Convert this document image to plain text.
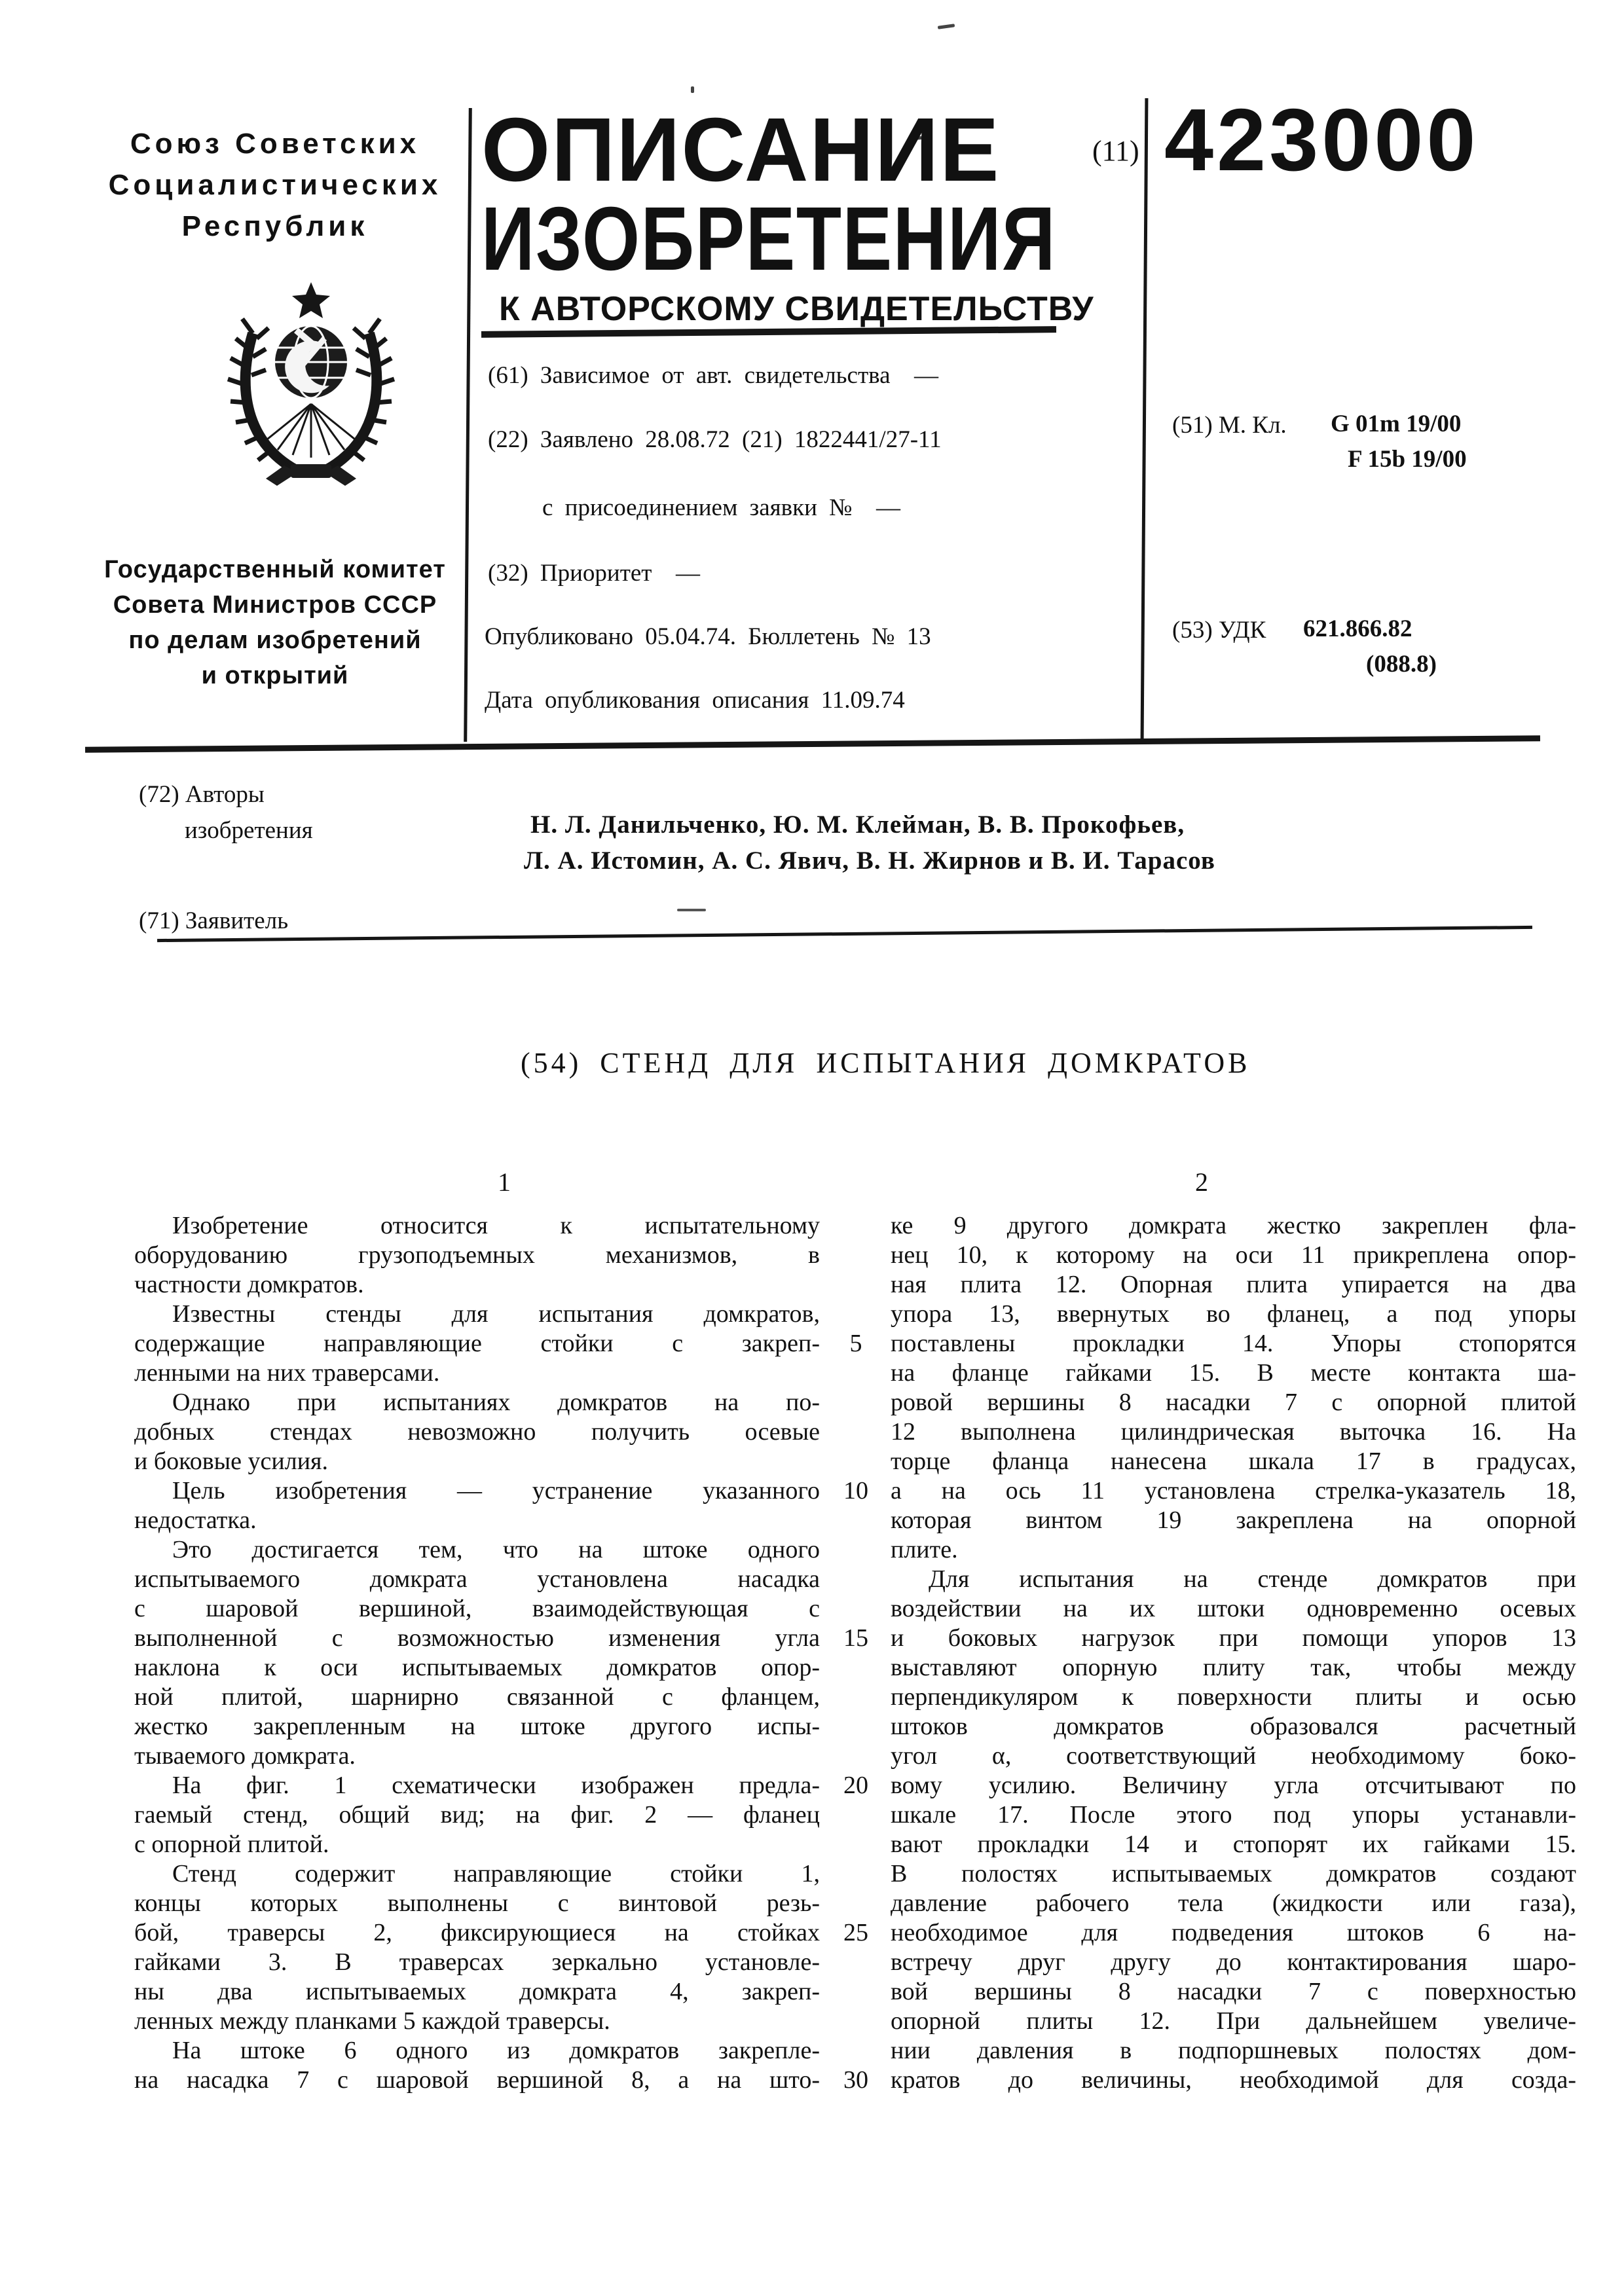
Союз Советских
Социалистических
Республик
Государственный комитет
Совета Министров СССР
по делам изобретений
и открытий
ОПИСАНИЕ
ИЗОБРЕТЕНИЯ
К АВТОРСКОМУ СВИДЕТЕЛЬСТВУ
(11) 423000
(61) Зависимое от авт. свидетельства  —
(22) Заявлено 28.08.72 (21) 1822441/27-11
с присоединением заявки №  —
(32) Приоритет  —
Опубликовано 05.04.74. Бюллетень № 13
Дата опубликования описания 11.09.74
(51) М. Кл. G 01m 19/00
F 15b 19/00
(53) УДК 621.866.82
(088.8)
(72) Авторы
изобретения	Н. Л. Данильченко, Ю. М. Клейман, В. В. Прокофьев,
Л. А. Истомин, А. С. Явич, В. Н. Жирнов и В. И. Тарасов
(71) Заявитель
(54) СТЕНД ДЛЯ ИСПЫТАНИЯ ДОМКРАТОВ
1	2
Изобретение относится к испытательному
оборудованию грузоподъемных механизмов, в
частности домкратов.
Известны стенды для испытания домкратов,
содержащие направляющие стойки с закреп-
ленными на них траверсами.
Однако при испытаниях домкратов на по-
добных стендах невозможно получить осевые
и боковые усилия.
Цель изобретения — устранение указанного
недостатка.
Это достигается тем, что на штоке одного
испытываемого домкрата установлена насадка
с шаровой вершиной, взаимодействующая с
выполненной с возможностью изменения угла
наклона к оси испытываемых домкратов опор-
ной плитой, шарнирно связанной с фланцем,
жестко закрепленным на штоке другого испы-
тываемого домкрата.
На фиг. 1 схематически изображен предла-
гаемый стенд, общий вид; на фиг. 2 — фланец
с опорной плитой.
Стенд содержит направляющие стойки 1,
концы которых выполнены с винтовой резь-
бой, траверсы 2, фиксирующиеся на стойках
гайками 3. В траверсах зеркально установле-
ны два испытываемых домкрата 4, закреп-
ленных между планками 5 каждой траверсы.
На штоке 6 одного из домкратов закрепле-
на насадка 7 с шаровой вершиной 8, а на што-
ке 9 другого домкрата жестко закреплен фла-
нец 10, к которому на оси 11 прикреплена опор-
ная плита 12. Опорная плита упирается на два
упора 13, ввернутых во фланец, а под упоры
поставлены прокладки 14. Упоры стопорятся
на фланце гайками 15. В месте контакта ша-
ровой вершины 8 насадки 7 с опорной плитой
12 выполнена цилиндрическая выточка 16. На
торце фланца нанесена шкала 17 в градусах,
а на ось 11 установлена стрелка-указатель 18,
которая винтом 19 закреплена на опорной
плите.
Для испытания на стенде домкратов при
воздействии на их штоки одновременно осевых
и боковых нагрузок при помощи упоров 13
выставляют опорную плиту так, чтобы между
перпендикуляром к поверхности плиты и осью
штоков домкратов образовался расчетный
угол α, соответствующий необходимому боко-
вому усилию. Величину угла отсчитывают по
шкале 17. После этого под упоры устанавли-
вают прокладки 14 и стопорят их гайками 15.
В полостях испытываемых домкратов создают
давление рабочего тела (жидкости или газа),
необходимое для подведения штоков 6 на-
встречу друг другу до контактирования шаро-
вой вершины 8 насадки 7 с поверхностью
опорной плиты 12. При дальнейшем увеличе-
нии давления в подпоршневых полостях дом-
кратов до величины, необходимой для созда-
5
10
15
20
25
30
